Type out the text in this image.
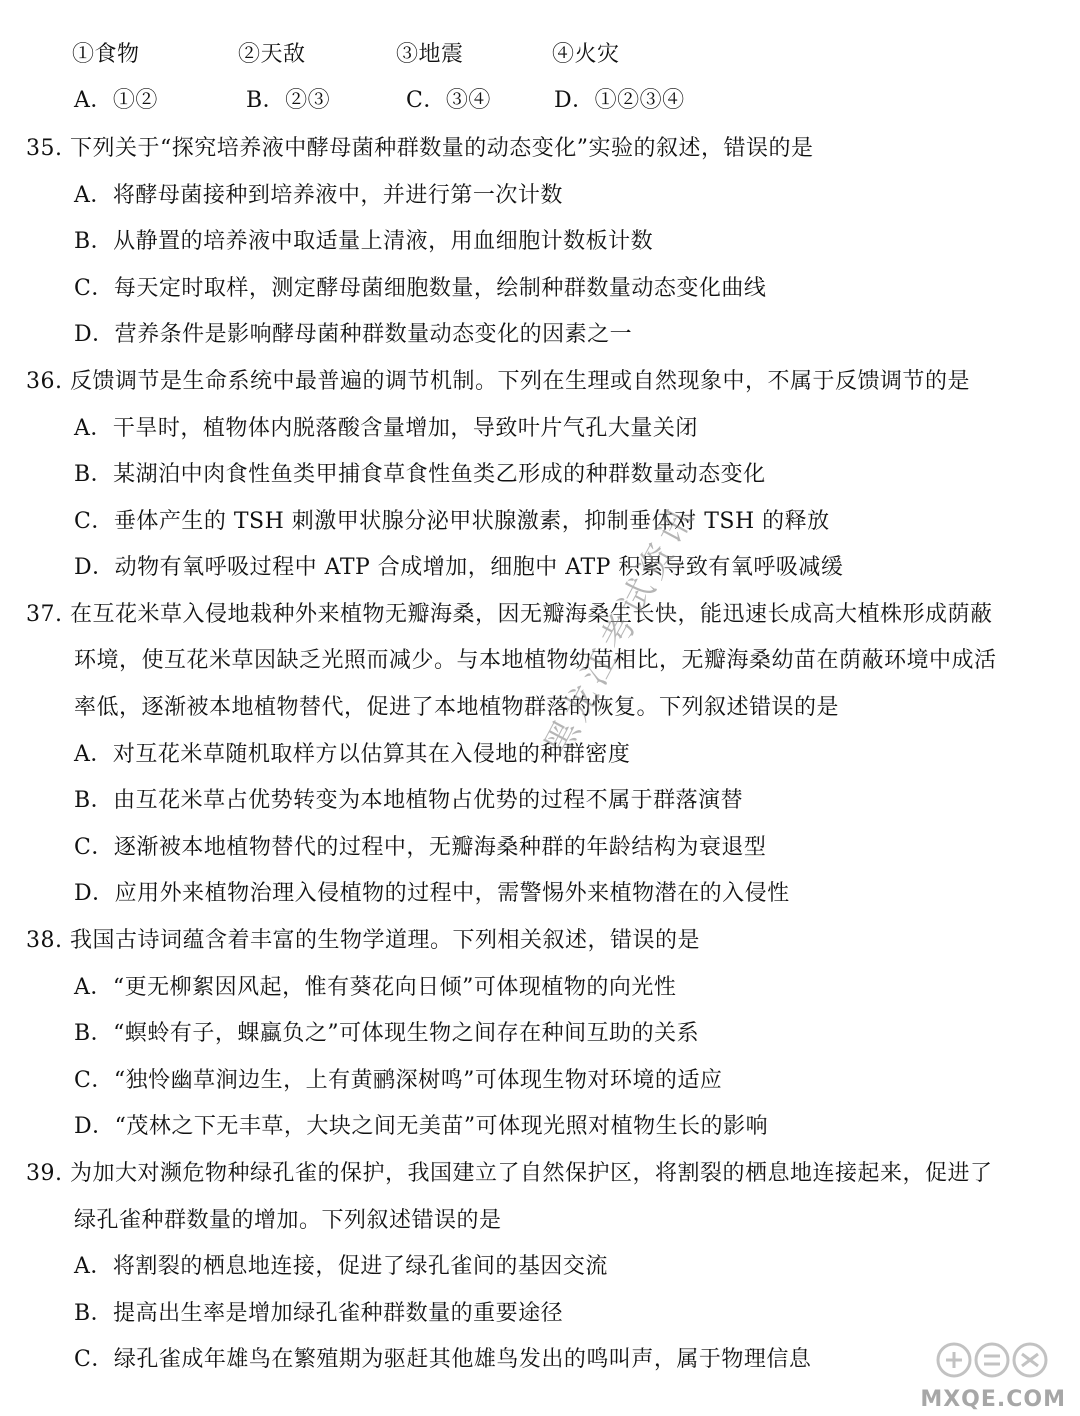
①食物	②天敌	③地震	④火灾
A．①②	B．②③	C．③④	D．①②③④
35. 下列关于“探究培养液中酵母菌种群数量的动态变化”实验的叙述，错误的是
A．将酵母菌接种到培养液中，并进行第一次计数
B．从静置的培养液中取适量上清液，用血细胞计数板计数
C．每天定时取样，测定酵母菌细胞数量，绘制种群数量动态变化曲线
D．营养条件是影响酵母菌种群数量动态变化的因素之一
36. 反馈调节是生命系统中最普遍的调节机制。下列在生理或自然现象中，不属于反馈调节的是
A．干旱时，植物体内脱落酸含量增加，导致叶片气孔大量关闭
B．某湖泊中肉食性鱼类甲捕食草食性鱼类乙形成的种群数量动态变化
C．垂体产生的 TSH 刺激甲状腺分泌甲状腺激素，抑制垂体对 TSH 的释放
D．动物有氧呼吸过程中 ATP 合成增加，细胞中 ATP 积累导致有氧呼吸减缓
37. 在互花米草入侵地栽种外来植物无瓣海桑，因无瓣海桑生长快，能迅速长成高大植株形成荫蔽
环境，使互花米草因缺乏光照而减少。与本地植物幼苗相比，无瓣海桑幼苗在荫蔽环境中成活
率低，逐渐被本地植物替代，促进了本地植物群落的恢复。下列叙述错误的是
A．对互花米草随机取样方以估算其在入侵地的种群密度
B．由互花米草占优势转变为本地植物占优势的过程不属于群落演替
C．逐渐被本地植物替代的过程中，无瓣海桑种群的年龄结构为衰退型
D．应用外来植物治理入侵植物的过程中，需警惕外来植物潜在的入侵性
38. 我国古诗词蕴含着丰富的生物学道理。下列相关叙述，错误的是
A．“更无柳絮因风起，惟有葵花向日倾”可体现植物的向光性
B．“螟蛉有子，蜾蠃负之”可体现生物之间存在种间互助的关系
C．“独怜幽草涧边生，上有黄鹂深树鸣”可体现生物对环境的适应
D．“茂林之下无丰草，大块之间无美苗”可体现光照对植物生长的影响
39. 为加大对濒危物种绿孔雀的保护，我国建立了自然保护区，将割裂的栖息地连接起来，促进了
绿孔雀种群数量的增加。下列叙述错误的是
A．将割裂的栖息地连接，促进了绿孔雀间的基因交流
B．提高出生率是增加绿孔雀种群数量的重要途径
C．绿孔雀成年雄鸟在繁殖期为驱赶其他雄鸟发出的鸣叫声，属于物理信息
黑龙江考试资讯
MXQE.COM
